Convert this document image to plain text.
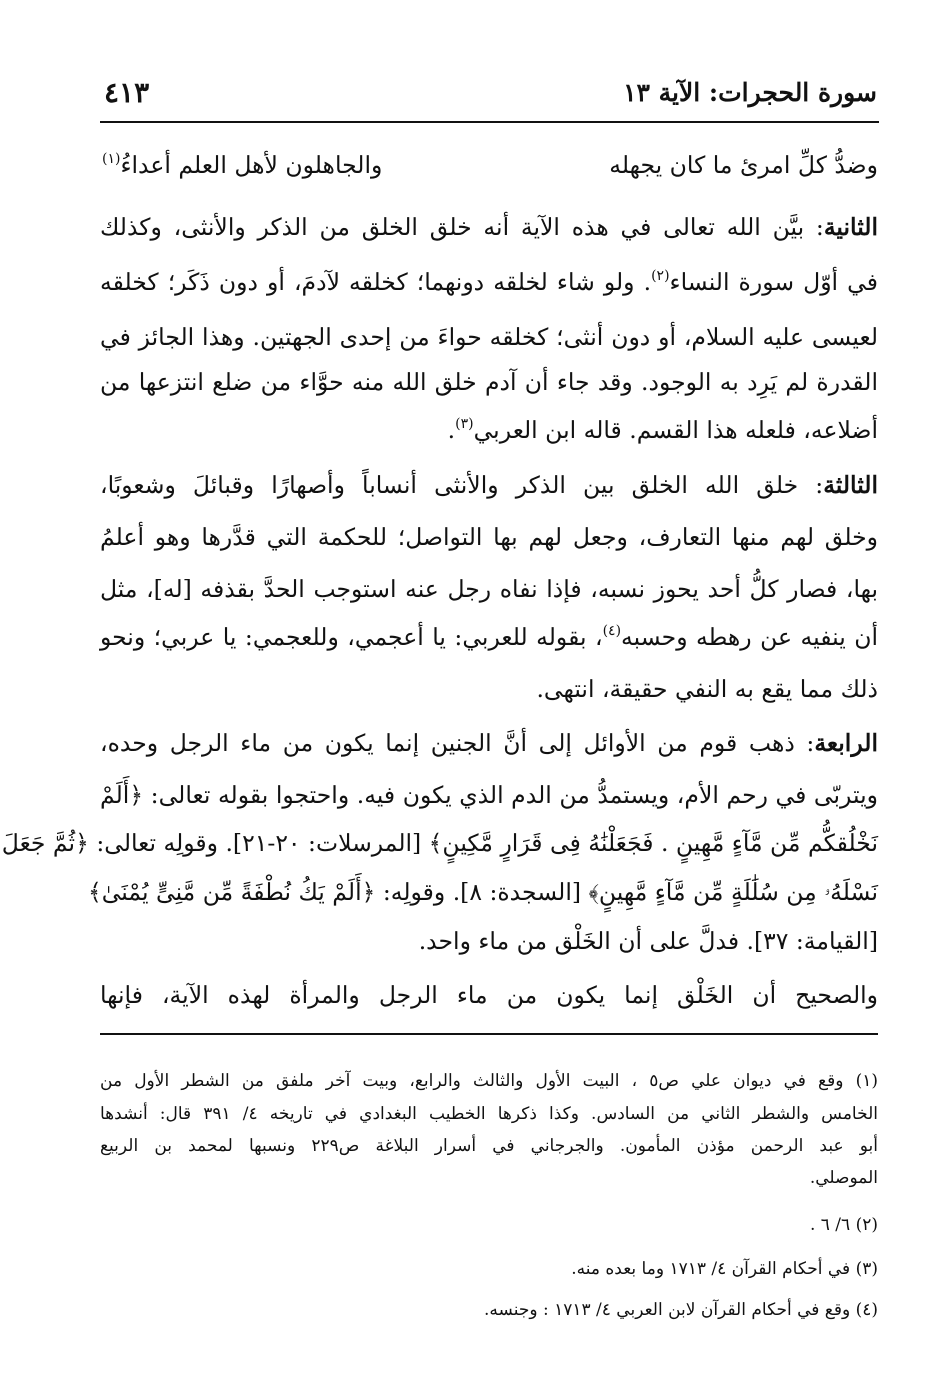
سورة الحجرات: الآية ١٣
٤١٣
وضدُّ كلِّ امرئ ما كان يجهله
والجاهلون لأهل العلم أعداءُ$^{(١)}$
الثانية: بيَّن الله تعالى في هذه الآية أنه خلق الخلق من الذكر والأنثى، وكذلك
في أوّل سورة النساء$^{(٢)}$. ولو شاء لخلقه دونهما؛ كخلقه لآدمَ، أو دون ذَكَر؛ كخلقه
لعيسى عليه السلام، أو دون أنثى؛ كخلقه حواءَ من إحدى الجهتين. وهذا الجائز في
القدرة لم يَرِد به الوجود. وقد جاء أن آدم خلق الله منه حوَّاء من ضلع انتزعها من
أضلاعه، فلعله هذا القسم. قاله ابن العربي$^{(٣)}$.
الثالثة: خلق الله الخلق بين الذكر والأنثى أنساباً وأصهارًا وقبائلَ وشعوبًا،
وخلق لهم منها التعارف، وجعل لهم بها التواصل؛ للحكمة التي قدَّرها وهو أعلمُ
بها، فصار كلُّ أحد يحوز نسبه، فإذا نفاه رجل عنه استوجب الحدَّ بقذفه [له]، مثل
أن ينفيه عن رهطه وحسبه$^{(٤)}$، بقوله للعربي: يا أعجمي، وللعجمي: يا عربي؛ ونحو
ذلك مما يقع به النفي حقيقة، انتهى.
الرابعة: ذهب قوم من الأوائل إلى أنَّ الجنين إنما يكون من ماء الرجل وحده،
ويتربّى في رحم الأم، ويستمدُّ من الدم الذي يكون فيه. واحتجوا بقوله تعالى: ﴿أَلَمْ
نَخْلُقكُّم مِّن مَّآءٍ مَّهِينٍ . فَجَعَلْنَٰهُ فِى قَرَارٍ مَّكِينٍ﴾ [المرسلات: ٢٠-٢١]. وقولِه تعالى: ﴿ثُمَّ جَعَلَ
نَسْلَهُۥ مِن سُلَٰلَةٍ مِّن مَّآءٍ مَّهِينٍ﴾ [السجدة: ٨]. وقولِه: ﴿أَلَمْ يَكُ نُطْفَةً مِّن مَّنِىٍّ يُمْنَىٰ﴾
[القيامة: ٣٧]. فدلَّ على أن الخَلْق من ماء واحد.
والصحيح أن الخَلْق إنما يكون من ماء الرجل والمرأة لهذه الآية، فإنها
(١) وقع في ديوان علي ص٥ ، البيت الأول والثالث والرابع، وبيت آخر ملفق من الشطر الأول من
الخامس والشطر الثاني من السادس. وكذا ذكرها الخطيب البغدادي في تاريخه ٤/ ٣٩١ قال: أنشدها
أبو عبد الرحمن مؤذن المأمون. والجرجاني في أسرار البلاغة ص٢٢٩ ونسبها لمحمد بن الربيع
الموصلي.
(٢) ٦/ ٦ .
(٣) في أحكام القرآن ٤/ ١٧١٣ وما بعده منه.
(٤) وقع في أحكام القرآن لابن العربي ٤/ ١٧١٣ : وجنسه.
